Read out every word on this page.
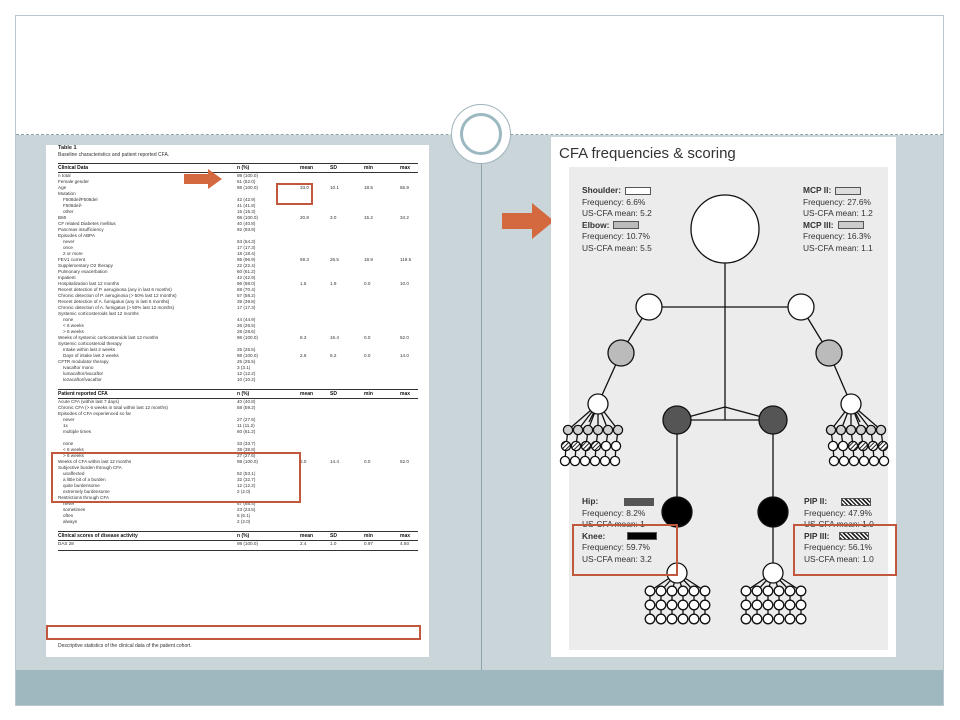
Table 1
Baseline characteristics and patient reported CFA.
Descriptive statistics of the clinical data of the patient cohort.
Clinical Data	n (%)	mean	SD	min	max
n total	98 (100.0)
Female gender	51 (52.0)
Age	98 (100.0)	33.0	10.1	18.5	55.9
Mutation
F508del/F508del	42 (42.9)
F508del/-	41 (41.8)
other	15 (15.3)
BMI	98 (100.0)	20.8	3.0	15.2	34.2
CF related Diabetes mellitus	40 (40.8)
Pancreas insufficiency	92 (93.9)
Episodes of ABPA
never	63 (64.3)
once	17 (17.3)
2 or more	18 (18.4)
FEV1 current	95 (96.9)	59.3	26.5	18.9	119.5
Supplementary O2 therapy	22 (22.4)
Pulmonary exacerbation	60 (61.2)
Inpatient	42 (42.9)
Hospitalization last 12 months	96 (98.0)	1.5	1.9	0.0	10.0
Recent detection of P. aeruginosa (any in last 6 months)	69 (70.4)
Chronic detection of P. aeruginosa (> 50% last 12 months)	57 (58.2)
Recent detection of A. fumigatus (any in last 6 months)	39 (39.8)
Chronic detection of A. fumigatus (> 50% last 12 months)	17 (17.3)
Systemic corticosteroids last 12 months
none	44 (44.9)
< 6 weeks	26 (26.5)
> 6 weeks	28 (28.6)
Weeks of systemic corticosteroids last 12 months	98 (100.0)	8.3	16.4	0.0	52.0
Systemic corticosteroid therapy
Intake within last 2 weeks	25 (25.5)
Days of intake last 2 weeks	98 (100.0)	2.6	5.2	0.0	14.0
CFTR modulator therapy	25 (25.5)
Ivacaftor mono	3 (3.1)
lumacaftor/ivacaftor	12 (12.2)
tezacaftor/ivacaftor	10 (10.2)
Patient reported CFA	n (%)	mean	SD	min	max
Acute CFA (within last 7 days)	40 (40.8)
Chronic CFA (> 6 weeks in total within last 12 months)	58 (59.2)
Episodes of CFA experienced so far
never	27 (27.6)
1x	11 (11.2)
multiple times	60 (61.2)
none	33 (33.7)
< 6 weeks	38 (38.8)
> 6 weeks	27 (27.6)
Weeks of CFA within last 12 months	98 (100.0)	8.0	14.4	0.0	52.0
Subjective burden through CFA
unaffected	52 (53.1)
a little bit of a burden	32 (32.7)
quite burdensome	12 (12.2)
extremely burdensome	2 (2.0)
Restrictions through CFA
never	67 (68.4)
sometimes	23 (23.5)
often	6 (6.1)
always	2 (2.0)
Clinical scores of disease activity	n (%)	mean	SD	min	max
DAS 28	98 (100.0)	2.4	1.0	0.97	4.93
CFA frequencies & scoring
Shoulder:
Frequency: 6.6%
US-CFA mean: 5.2
Elbow:
Frequency: 10.7%
US-CFA mean: 5.5
MCP II:
Frequency: 27.6%
US-CFA mean: 1.2
MCP III:
Frequency: 16.3%
US-CFA mean: 1.1
Hip:
Frequency: 8.2%
US-CFA mean: 1
Knee:
Frequency: 59.7%
US-CFA mean: 3.2
PIP II:
Frequency: 47.9%
US-CFA mean: 1.0
PIP III:
Frequency: 56.1%
US-CFA mean: 1.0
